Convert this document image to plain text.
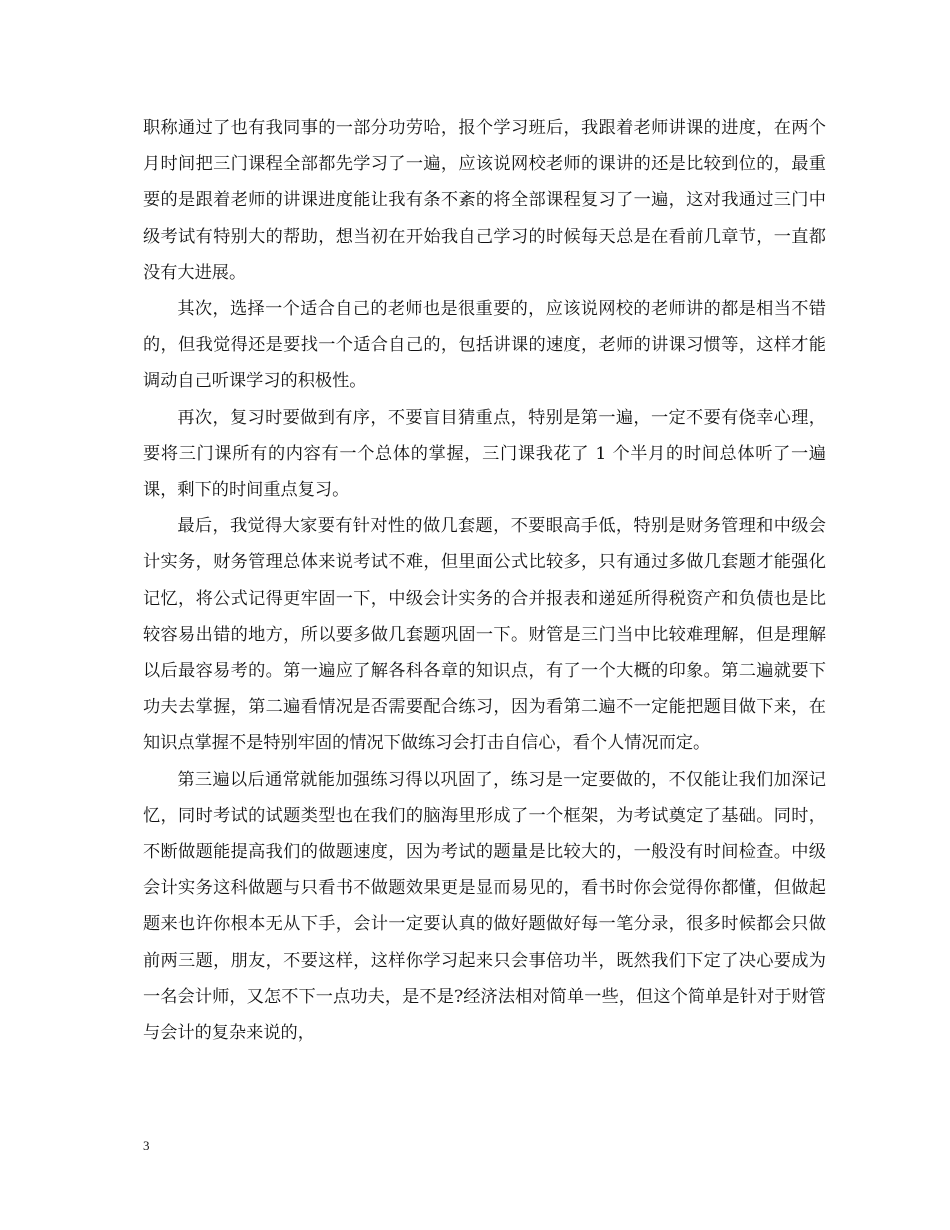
职称通过了也有我同事的一部分功劳哈，报个学习班后，我跟着老师讲课的进度，在两个月时间把三门课程全部都先学习了一遍，应该说网校老师的课讲的还是比较到位的，最重要的是跟着老师的讲课进度能让我有条不紊的将全部课程复习了一遍，这对我通过三门中级考试有特别大的帮助，想当初在开始我自己学习的时候每天总是在看前几章节，一直都没有大进展。

其次，选择一个适合自己的老师也是很重要的，应该说网校的老师讲的都是相当不错的，但我觉得还是要找一个适合自己的，包括讲课的速度，老师的讲课习惯等，这样才能调动自己听课学习的积极性。

再次，复习时要做到有序，不要盲目猜重点，特别是第一遍，一定不要有侥幸心理，要将三门课所有的内容有一个总体的掌握，三门课我花了 1 个半月的时间总体听了一遍课，剩下的时间重点复习。

最后，我觉得大家要有针对性的做几套题，不要眼高手低，特别是财务管理和中级会计实务，财务管理总体来说考试不难，但里面公式比较多，只有通过多做几套题才能强化记忆，将公式记得更牢固一下，中级会计实务的合并报表和递延所得税资产和负债也是比较容易出错的地方，所以要多做几套题巩固一下。财管是三门当中比较难理解，但是理解以后最容易考的。第一遍应了解各科各章的知识点，有了一个大概的印象。第二遍就要下功夫去掌握，第二遍看情况是否需要配合练习，因为看第二遍不一定能把题目做下来，在知识点掌握不是特别牢固的情况下做练习会打击自信心，看个人情况而定。

第三遍以后通常就能加强练习得以巩固了，练习是一定要做的，不仅能让我们加深记忆，同时考试的试题类型也在我们的脑海里形成了一个框架，为考试奠定了基础。同时，不断做题能提高我们的做题速度，因为考试的题量是比较大的，一般没有时间检查。中级会计实务这科做题与只看书不做题效果更是显而易见的，看书时你会觉得你都懂，但做起题来也许你根本无从下手，会计一定要认真的做好题做好每一笔分录，很多时候都会只做前两三题，朋友，不要这样，这样你学习起来只会事倍功半，既然我们下定了决心要成为一名会计师，又怎不下一点功夫，是不是?经济法相对简单一些，但这个简单是针对于财管与会计的复杂来说的，

3
